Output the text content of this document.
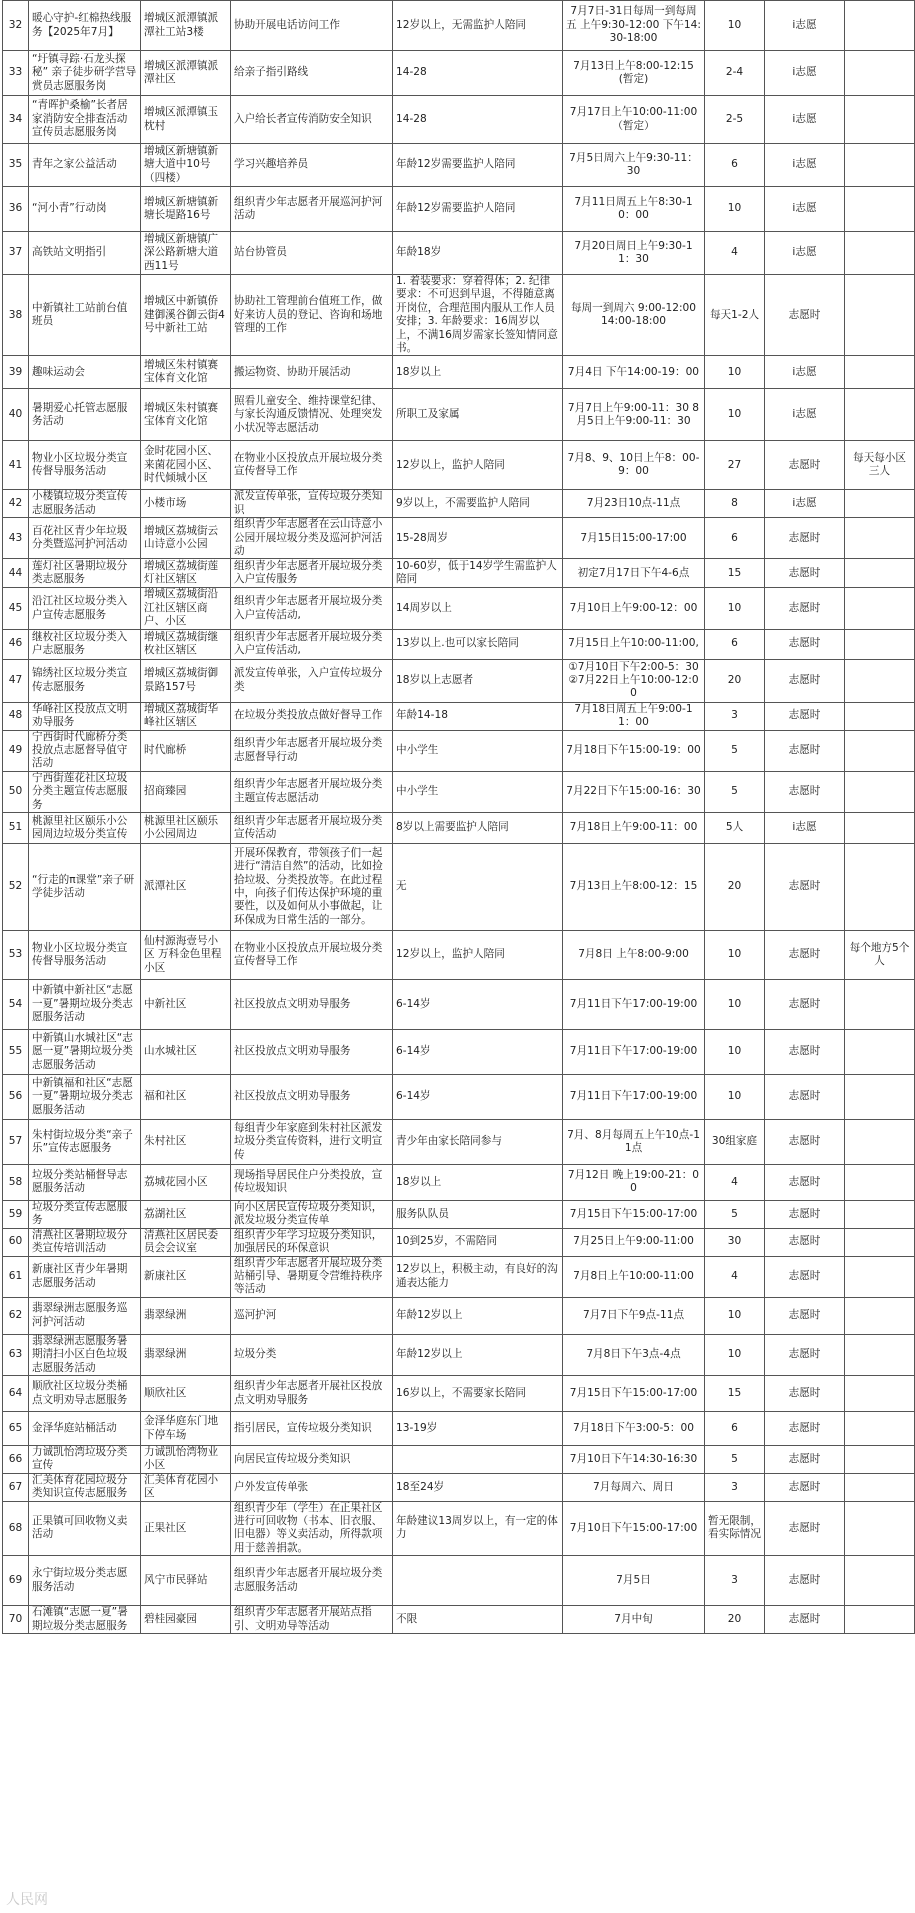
32	暖心守护-红棉热线服务【2025年7月】	增城区派潭镇派潭社工站3楼	协助开展电话访问工作	12岁以上，无需监护人陪同	7月7日-31日每周一到每周五 上午9:30-12:00 下午14:30-18:00	10	i志愿	
33	“圩镇寻踪·石龙头探秘” 亲子徒步研学营导赏员志愿服务岗	增城区派潭镇派潭社区	给亲子指引路线	14-28	7月13日上午8:00-12:15(暂定)	2-4	i志愿	
34	“青晖护桑榆”长者居家消防安全排查活动宣传员志愿服务岗	增城区派潭镇玉枕村	入户给长者宣传消防安全知识	14-28	7月17日上午10:00-11:00（暂定）	2-5	i志愿	
35	青年之家公益活动	增城区新塘镇新塘大道中10号（四楼）	学习兴趣培养员	年龄12岁需要监护人陪同	7月5日周六上午9:30-11：30	6	i志愿	
36	“河小青”行动岗	增城区新塘镇新塘长堤路16号	组织青少年志愿者开展巡河护河活动	年龄12岁需要监护人陪同	7月11日周五上午8:30-10：00	10	i志愿	
37	高铁站文明指引	增城区新塘镇广深公路新塘大道西11号	站台协管员	年龄18岁	7月20日周日上午9:30-11：30	4	i志愿	
38	中新镇社工站前台值班员	增城区中新镇侨建御溪谷御云街4号中新社工站	协助社工管理前台值班工作，做好来访人员的登记、咨询和场地管理的工作	1. 着装要求：穿着得体；2. 纪律要求：不可迟到早退，不得随意离开岗位，合理范围内服从工作人员安排；3. 年龄要求：16周岁以上，不满16周岁需家长签知情同意书。	每周一到周六 9:00-12:00 14:00-18:00	每天1-2人	志愿时	
39	趣味运动会	增城区朱村镇赛宝体育文化馆	搬运物资、协助开展活动	18岁以上	7月4日 下午14:00-19：00	10	i志愿	
40	暑期爱心托管志愿服务活动	增城区朱村镇赛宝体育文化馆	照看儿童安全、维持课堂纪律、与家长沟通反馈情况、处理突发小状况等志愿活动	所职工及家属	7月7日上午9:00-11：30 8月5日上午9:00-11：30	10	i志愿	
41	物业小区垃圾分类宣传督导服务活动	金时花园小区、来菌花园小区、时代倾城小区	在物业小区投放点开展垃圾分类宣传督导工作	12岁以上，监护人陪同	7月8、9、10日上午8：00-9：00	27	志愿时	每天每小区三人
42	小楼镇垃圾分类宣传志愿服务活动	小楼市场	派发宣传单张，宣传垃圾分类知识	9岁以上，不需要监护人陪同	7月23日10点-11点	8	i志愿	
43	百花社区青少年垃圾分类暨巡河护河活动	增城区荔城街云山诗意小公园	组织青少年志愿者在云山诗意小公园开展垃圾分类及巡河护河活动	15-28周岁	7月15日15:00-17:00	6	志愿时	
44	莲灯社区暑期垃圾分类志愿服务	增城区荔城街莲灯社区辖区	组织青少年志愿者开展垃圾分类入户宣传服务	10-60岁，低于14岁学生需监护人陪同	初定7月17日下午4-6点	15	志愿时	
45	沿江社区垃圾分类入户宣传志愿服务	增城区荔城街沿江社区辖区商户、小区	组织青少年志愿者开展垃圾分类入户宣传活动,	14周岁以上	7月10日上午9:00-12：00	10	志愿时	
46	继枚社区垃圾分类入户志愿服务	增城区荔城街继枚社区辖区	组织青少年志愿者开展垃圾分类入户宣传活动,	13岁以上.也可以家长陪同	7月15日上午10:00-11:00,	6	志愿时	
47	锦绣社区垃圾分类宣传志愿服务	增城区荔城街御景路157号	派发宣传单张，入户宣传垃圾分类	18岁以上志愿者	①7月10日下午2:00-5：30 ②7月22日上午10:00-12:00	20	志愿时	
48	华峰社区投放点文明劝导服务	增城区荔城街华峰社区辖区	在垃圾分类投放点做好督导工作	年龄14-18	7月18日周五上午9:00-11：00	3	志愿时	
49	宁西街时代廊桥分类投放点志愿督导值守活动	时代廊桥	组织青少年志愿者开展垃圾分类志愿督导行动	中小学生	7月18日下午15:00-19：00	5	志愿时	
50	宁西街莲花社区垃圾分类主题宣传志愿服务	招商臻园	组织青少年志愿者开展垃圾分类主题宣传志愿活动	中小学生	7月22日下午15:00-16：30	5	志愿时	
51	桃源里社区颐乐小公园周边垃圾分类宣传	桃源里社区颐乐小公园周边	组织青少年志愿者开展垃圾分类宣传活动	8岁以上需要监护人陪同	7月18日上午9:00-11：00	5人	i志愿	
52	“行走的π课堂”亲子研学徒步活动	派潭社区	开展环保教育，带领孩子们一起进行“清洁自然”的活动，比如捡拾垃圾、分类投放等。在此过程中，向孩子们传达保护环境的重要性，以及如何从小事做起，让环保成为日常生活的一部分。	无	7月13日上午8:00-12：15	20	志愿时	
53	物业小区垃圾分类宣传督导服务活动	仙村源海壹号小区 万科金色里程小区	在物业小区投放点开展垃圾分类宣传督导工作	12岁以上，监护人陪同	7月8日 上午8:00-9:00	10	志愿时	每个地方5个人
54	中新镇中新社区“志愿一夏”暑期垃圾分类志愿服务活动	中新社区	社区投放点文明劝导服务	6-14岁	7月11日下午17:00-19:00	10	志愿时	
55	中新镇山水城社区“志愿一夏”暑期垃圾分类志愿服务活动	山水城社区	社区投放点文明劝导服务	6-14岁	7月11日下午17:00-19:00	10	志愿时	
56	中新镇福和社区“志愿一夏”暑期垃圾分类志愿服务活动	福和社区	社区投放点文明劝导服务	6-14岁	7月11日下午17:00-19:00	10	志愿时	
57	朱村街垃圾分类“亲子乐”宣传志愿服务	朱村社区	每组青少年家庭到朱村社区派发垃圾分类宣传资料，进行文明宣传	青少年由家长陪同参与	7月、8月每周五上午10点-11点	30组家庭	志愿时	
58	垃圾分类站桶督导志愿服务活动	荔城花园小区	现场指导居民住户分类投放，宣传垃圾知识	18岁以上	7月12日 晚上19:00-21：00	4	志愿时	
59	垃圾分类宣传志愿服务	荔湖社区	向小区居民宣传垃圾分类知识，派发垃圾分类宣传单	服务队队员	7月15日下午15:00-17:00	5	志愿时	
60	清燕社区暑期垃圾分类宣传培训活动	清燕社区居民委员会会议室	组织青少年学习垃圾分类知识，加强居民的环保意识	10到25岁，不需陪同	7月25日上午9:00-11:00	30	志愿时	
61	新康社区青少年暑期志愿服务活动	新康社区	组织青少年志愿者开展垃圾分类站桶引导、暑期夏令营维持秩序等活动	12岁以上，积极主动，有良好的沟通表达能力	7月8日上午10:00-11:00	4	志愿时	
62	翡翠绿洲志愿服务巡河护河活动	翡翠绿洲	巡河护河	年龄12岁以上	7月7日下午9点-11点	10	志愿时	
63	翡翠绿洲志愿服务暑期清扫小区白色垃圾志愿服务活动	翡翠绿洲	垃圾分类	年龄12岁以上	7月8日下午3点-4点	10	志愿时	
64	顺欣社区垃圾分类桶点文明劝导志愿服务	顺欣社区	组织青少年志愿者开展社区投放点文明劝导服务	16岁以上，不需要家长陪同	7月15日下午15:00-17:00	15	志愿时	
65	金泽华庭站桶活动	金泽华庭东门地下停车场	指引居民，宣传垃圾分类知识	13-19岁	7月18日下午3:00-5：00	6	志愿时	
66	力诚凯怡湾垃圾分类宣传	力诚凯怡湾物业小区	向居民宣传垃圾分类知识		7月10日下午14:30-16:30	5	志愿时	
67	汇美体育花园垃圾分类知识宣传志愿服务	汇美体育花园小区	户外发宣传单张	18至24岁	7月每周六、周日	3	志愿时	
68	正果镇可回收物义卖活动	正果社区	组织青少年（学生）在正果社区进行可回收物（书本、旧衣服、旧电器）等义卖活动，所得款项用于慈善捐款。	年龄建议13周岁以上，有一定的体力	7月10日下午15:00-17:00	暂无限制，看实际情况	志愿时	
69	永宁街垃圾分类志愿服务活动	风宁市民驿站	组织青少年志愿者开展垃圾分类志愿服务活动		7月5日	3	志愿时	
70	石滩镇“志愿一夏”暑期垃圾分类志愿服务	碧桂园豪园	组织青少年志愿者开展站点指引、文明劝导等活动	不限	7月中旬	20	志愿时	
人民网
